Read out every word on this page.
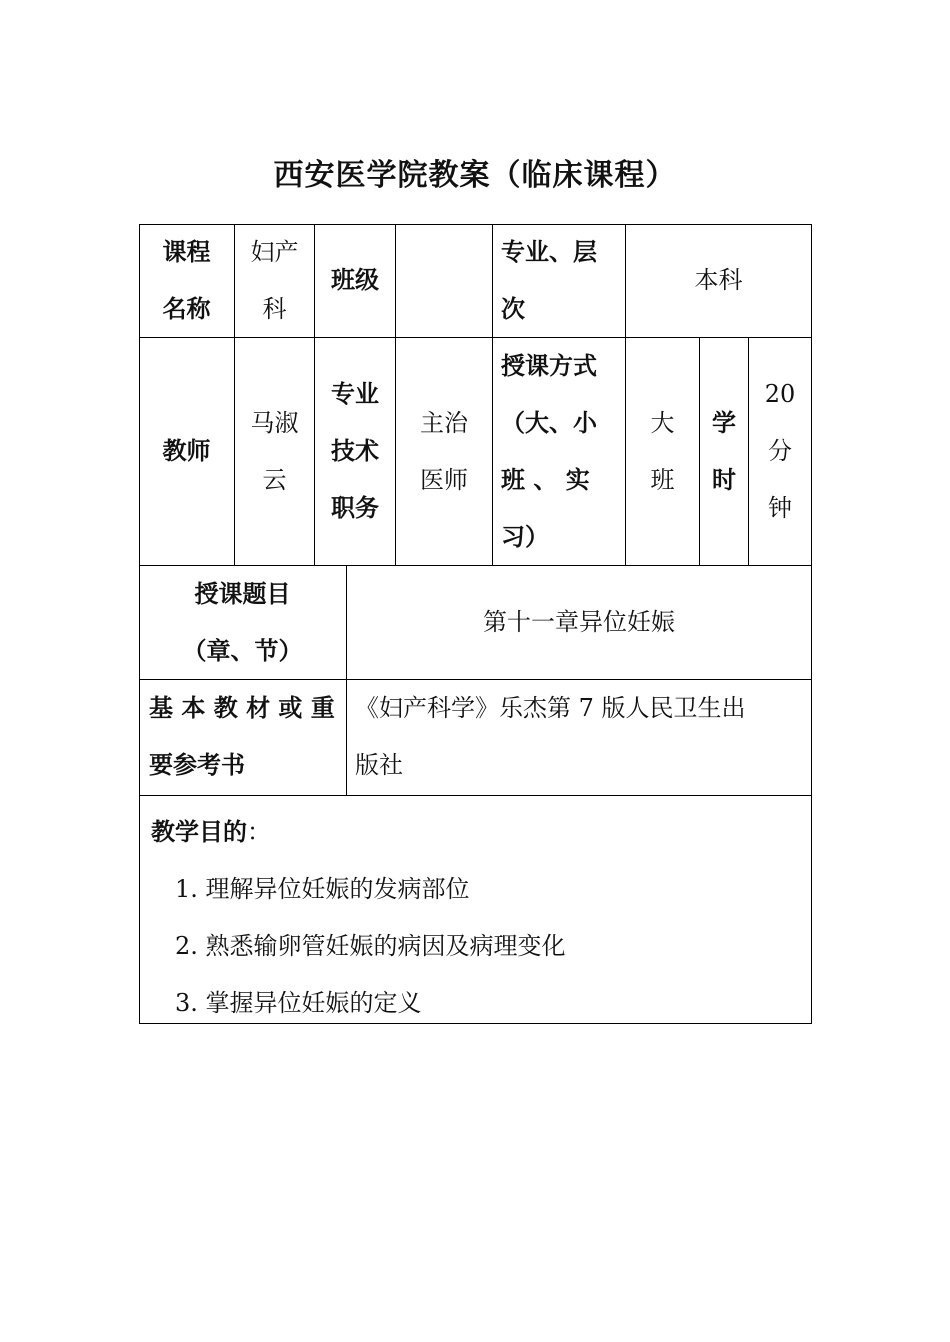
西安医学院教案（临床课程）
课程
名称
妇产
科
班级
专业、层
次
本科
教师
马淑
云
专业
技术
职务
主治
医师
授课方式
（大、小
班 、 实
习）
大
班
学
时
20
分
钟
授课题目
（章、节）
第十一章异位妊娠
基 本 教 材 或 重
要参考书
《妇产科学》乐杰第 7 版人民卫生出
版社
教学目的：
1. 理解异位妊娠的发病部位
2. 熟悉输卵管妊娠的病因及病理变化
3. 掌握异位妊娠的定义
